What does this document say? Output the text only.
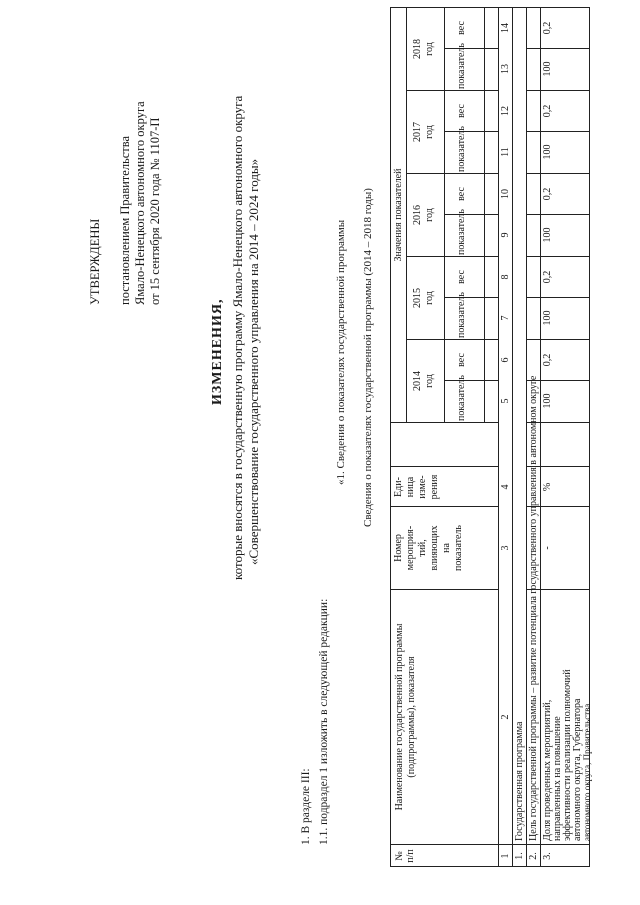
УТВЕРЖДЕНЫ постановлением Правительства Ямало-Ненецкого автономного округа от 15 сентября 2020 года № 1107-П
ИЗМЕНЕНИЯ, которые вносятся в государственную программу Ямало-Ненецкого автономного округа «Совершенствование государственного управления на 2014 – 2024 годы»
1. В разделе III: 1.1. подраздел 1 изложить в следующей редакции:
«1. Сведения о показателях государственной программы Сведения о показателях государственной программы (2014 – 2018 годы)
№ п/п
Наименование государственной программы (подпрограммы), показателя
Номер мероприя- тий, влияющих на показатель
Еди- ница изме- рения
Значения показателей
2014 год
2015 год
2016 год
2017 год
2018 год
показатель
вес
показатель
вес
показатель
вес
показатель
вес
показатель
вес
1
2
3
4
5
6
7
8
9
10
11
12
13
14
1.
Государственная программа
2.
Цель государственной программы – развитие потенциала государственного управления в автономном округе
3.
Доля проведенных мероприятий, направленных на повышение эффективности реализации полномочий автономного округа, Губернатора автономного округа, Правительства
-
%
100
0,2
100
0,2
100
0,2
100
0,2
100
0,2
